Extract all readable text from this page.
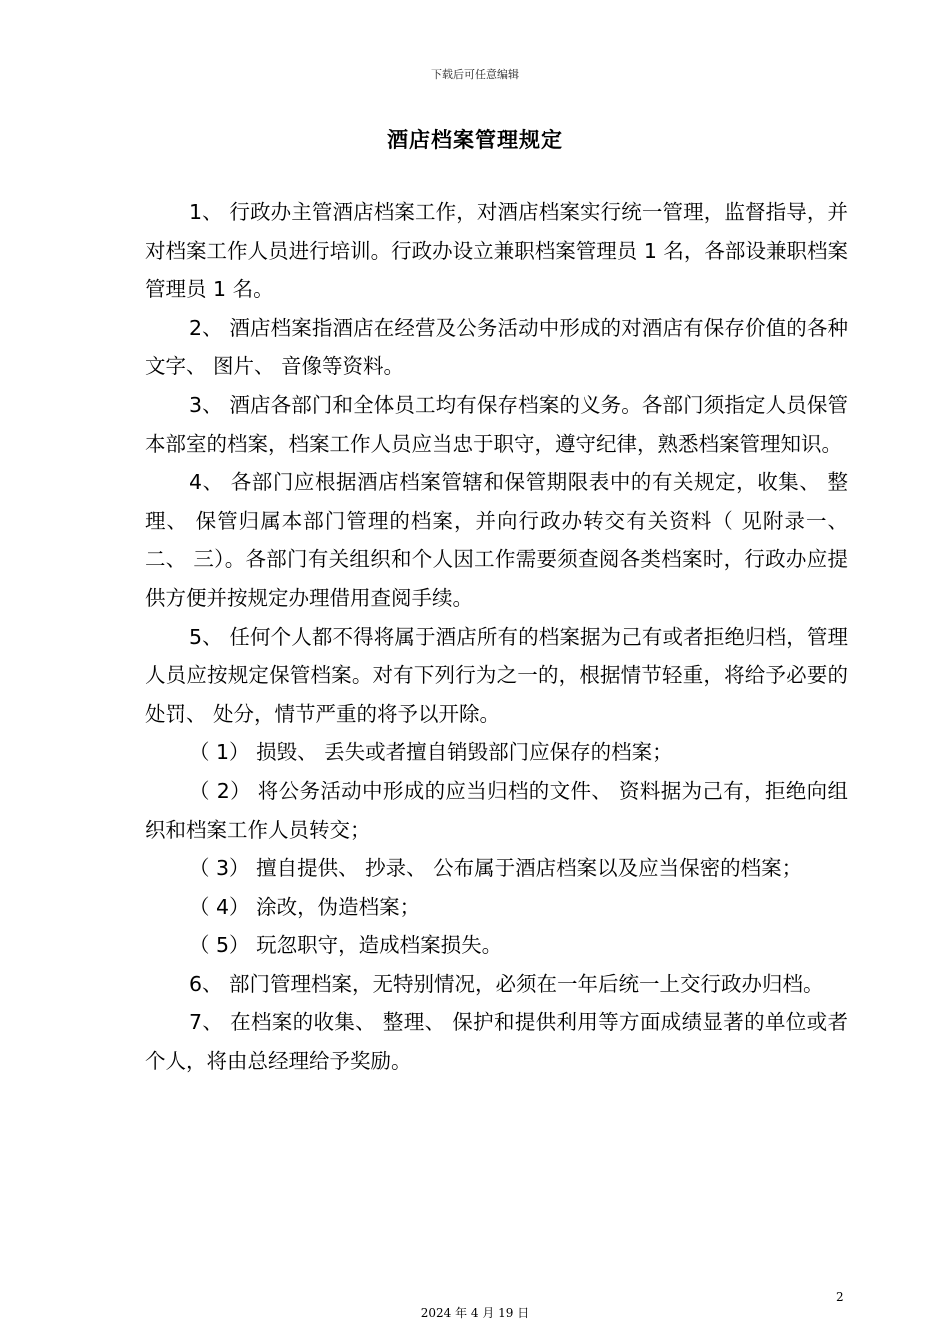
下载后可任意编辑
酒店档案管理规定

1、 行政办主管酒店档案工作，对酒店档案实行统一管理，监督指导，并对档案工作人员进行培训。行政办设立兼职档案管理员 1 名，各部设兼职档案管理员 1 名。

2、 酒店档案指酒店在经营及公务活动中形成的对酒店有保存价值的各种文字、 图片、 音像等资料。

3、 酒店各部门和全体员工均有保存档案的义务。各部门须指定人员保管本部室的档案，档案工作人员应当忠于职守，遵守纪律，熟悉档案管理知识。

4、 各部门应根据酒店档案管辖和保管期限表中的有关规定，收集、 整理、 保管归属本部门管理的档案，并向行政办转交有关资料（ 见附录一、 二、 三）。各部门有关组织和个人因工作需要须查阅各类档案时，行政办应提供方便并按规定办理借用查阅手续。

5、 任何个人都不得将属于酒店所有的档案据为己有或者拒绝归档，管理人员应按规定保管档案。对有下列行为之一的，根据情节轻重，将给予必要的处罚、 处分，情节严重的将予以开除。

（ 1） 损毁、 丢失或者擅自销毁部门应保存的档案；

（ 2） 将公务活动中形成的应当归档的文件、 资料据为己有，拒绝向组织和档案工作人员转交；

（ 3） 擅自提供、 抄录、 公布属于酒店档案以及应当保密的档案；

（ 4） 涂改，伪造档案；

（ 5） 玩忽职守，造成档案损失。

6、 部门管理档案，无特别情况，必须在一年后统一上交行政办归档。

7、 在档案的收集、 整理、 保护和提供利用等方面成绩显著的单位或者个人，将由总经理给予奖励。

2
2024 年 4 月 19 日
